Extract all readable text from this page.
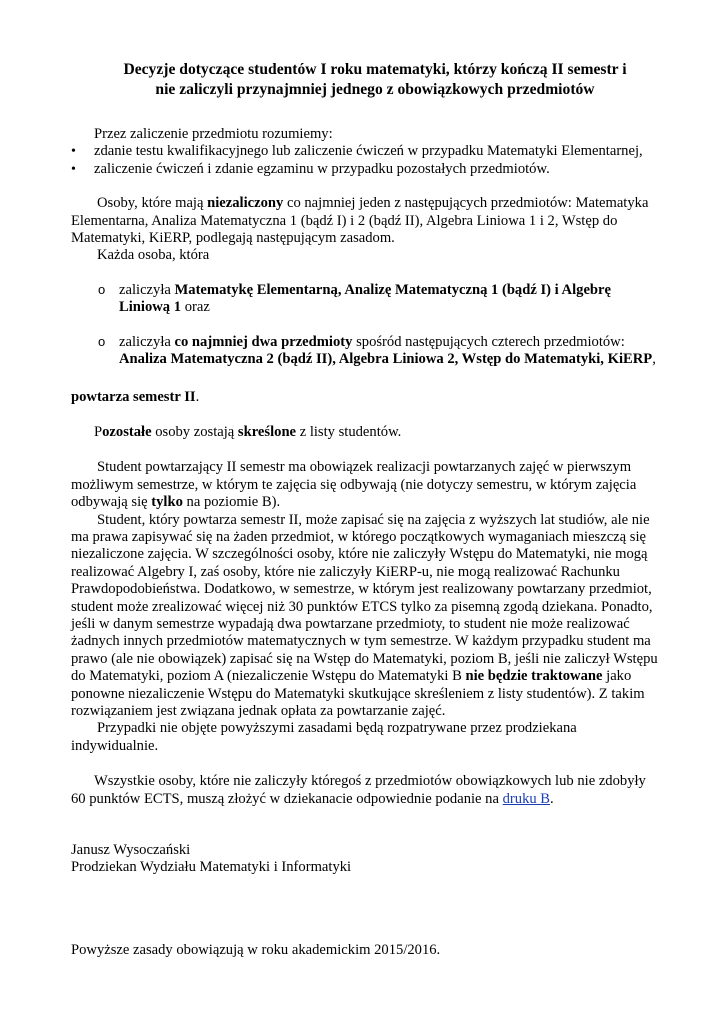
Decyzje dotyczące studentów I roku matematyki, którzy kończą II semestr i
nie zaliczyli przynajmniej jednego z obowiązkowych przedmiotów

Przez zaliczenie przedmiotu rozumiemy:

• zdanie testu kwalifikacyjnego lub zaliczenie ćwiczeń w przypadku Matematyki Elementarnej,
• zaliczenie ćwiczeń i zdanie egzaminu w przypadku pozostałych przedmiotów.

Osoby, które mają niezaliczony co najmniej jeden z następujących przedmiotów: Matematyka Elementarna, Analiza Matematyczna 1 (bądź I) i 2 (bądź II), Algebra Liniowa 1 i 2, Wstęp do Matematyki, KiERP, podlegają następującym zasadom.

Każda osoba, która

o zaliczyła Matematykę Elementarną, Analizę Matematyczną 1 (bądź I) i Algebrę Liniową 1 oraz
o zaliczyła co najmniej dwa przedmioty spośród następujących czterech przedmiotów: Analiza Matematyczna 2 (bądź II), Algebra Liniowa 2, Wstęp do Matematyki, KiERP,

powtarza semestr II.

Pozostałe osoby zostają skreślone z listy studentów.

Student powtarzający II semestr ma obowiązek realizacji powtarzanych zajęć w pierwszym możliwym semestrze, w którym te zajęcia się odbywają (nie dotyczy semestru, w którym zajęcia odbywają się tylko na poziomie B).

Student, który powtarza semestr II, może zapisać się na zajęcia z wyższych lat studiów, ale nie ma prawa zapisywać się na żaden przedmiot, w którego początkowych wymaganiach mieszczą się niezaliczone zajęcia. W szczególności osoby, które nie zaliczyły Wstępu do Matematyki, nie mogą realizować Algebry I, zaś osoby, które nie zaliczyły KiERP-u, nie mogą realizować Rachunku Prawdopodobieństwa. Dodatkowo, w semestrze, w którym jest realizowany powtarzany przedmiot, student może zrealizować więcej niż 30 punktów ETCS tylko za pisemną zgodą dziekana. Ponadto, jeśli w danym semestrze wypadają dwa powtarzane przedmioty, to student nie może realizować żadnych innych przedmiotów matematycznych w tym semestrze. W każdym przypadku student ma prawo (ale nie obowiązek) zapisać się na Wstęp do Matematyki, poziom B, jeśli nie zaliczył Wstępu do Matematyki, poziom A (niezaliczenie Wstępu do Matematyki B nie będzie traktowane jako ponowne niezaliczenie Wstępu do Matematyki skutkujące skreśleniem z listy studentów). Z takim rozwiązaniem jest związana jednak opłata za powtarzanie zajęć.

Przypadki nie objęte powyższymi zasadami będą rozpatrywane przez prodziekana indywidualnie.

Wszystkie osoby, które nie zaliczyły któregoś z przedmiotów obowiązkowych lub nie zdobyły 60 punktów ECTS, muszą złożyć w dziekanacie odpowiednie podanie na druku B.

Janusz Wysoczański

Prodziekan Wydziału Matematyki i Informatyki

Powyższe zasady obowiązują w roku akademickim 2015/2016.
